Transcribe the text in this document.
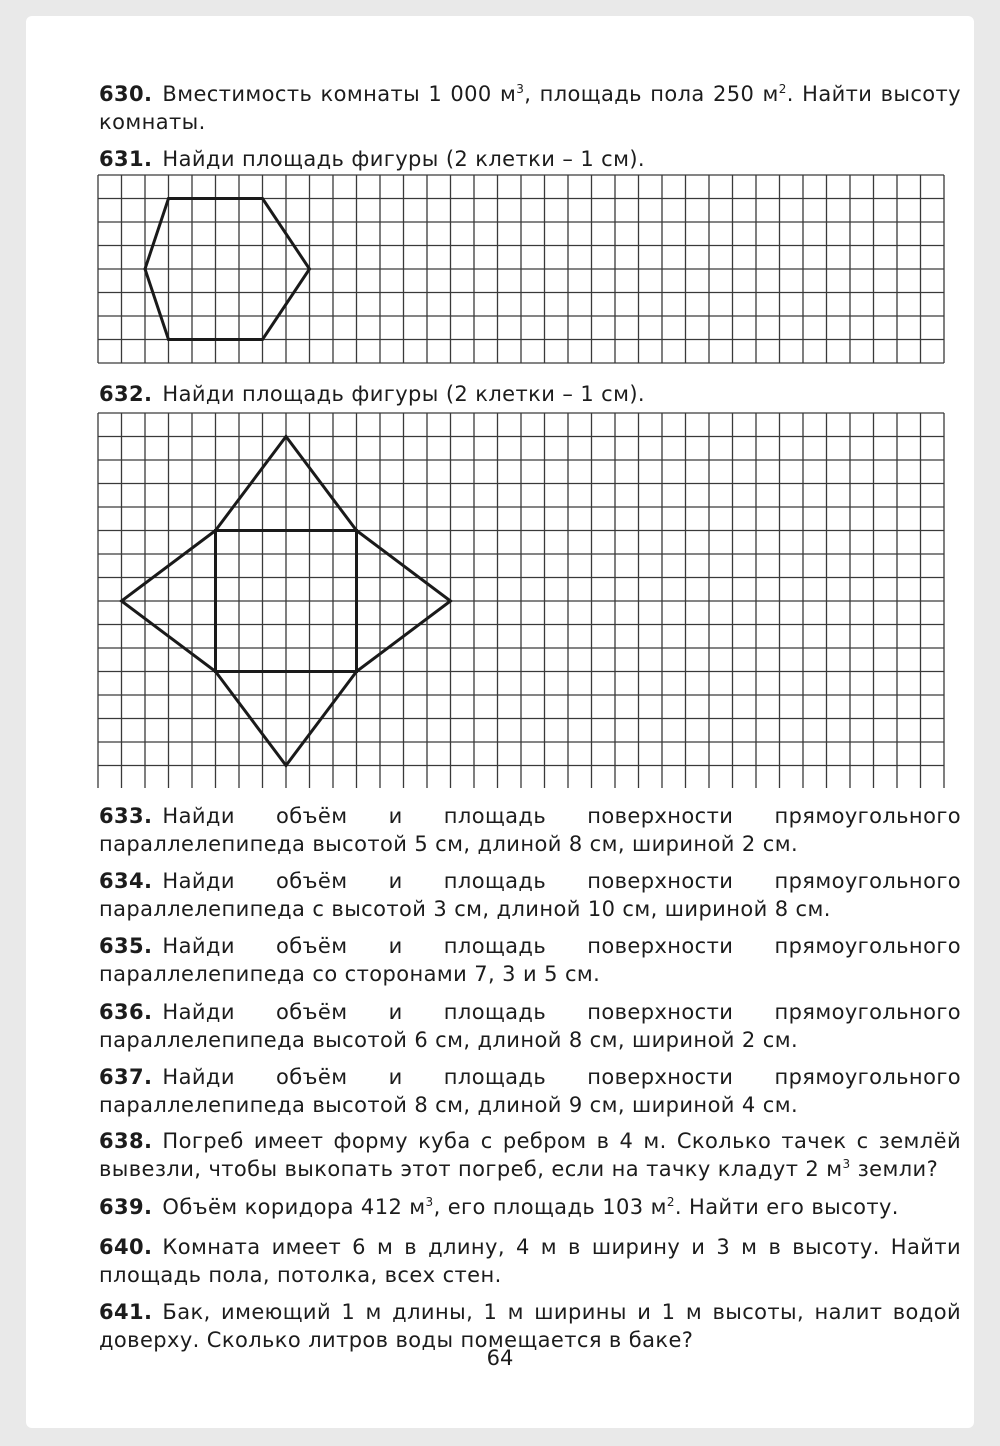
630. Вместимость комнаты 1 000 $м^3$, площадь пола 250 $м^2$. Найти высоту комнаты.

631. Найди площадь фигуры (2 клетки – 1 см).

632. Найди площадь фигуры (2 клетки – 1 см).

633. Найди объём и площадь поверхности прямоугольного параллелепипеда высотой 5 см, длиной 8 см, шириной 2 см.

634. Найди объём и площадь поверхности прямоугольного параллелепипеда с высотой 3 см, длиной 10 см, шириной 8 см.

635. Найди объём и площадь поверхности прямоугольного параллелепипеда со сторонами 7, 3 и 5 см.

636. Найди объём и площадь поверхности прямоугольного параллелепипеда высотой 6 см, длиной 8 см, шириной 2 см.

637. Найди объём и площадь поверхности прямоугольного параллелепипеда высотой 8 см, длиной 9 см, шириной 4 см.

638. Погреб имеет форму куба с ребром в 4 м. Сколько тачек с землёй вывезли, чтобы выкопать этот погреб, если на тачку кладут 2 $м^3$ земли?

639. Объём коридора 412 $м^3$, его площадь 103 $м^2$. Найти его высоту.

640. Комната имеет 6 м в длину, 4 м в ширину и 3 м в высоту. Найти площадь пола, потолка, всех стен.

641. Бак, имеющий 1 м длины, 1 м ширины и 1 м высоты, налит водой доверху. Сколько литров воды помещается в баке?

64
